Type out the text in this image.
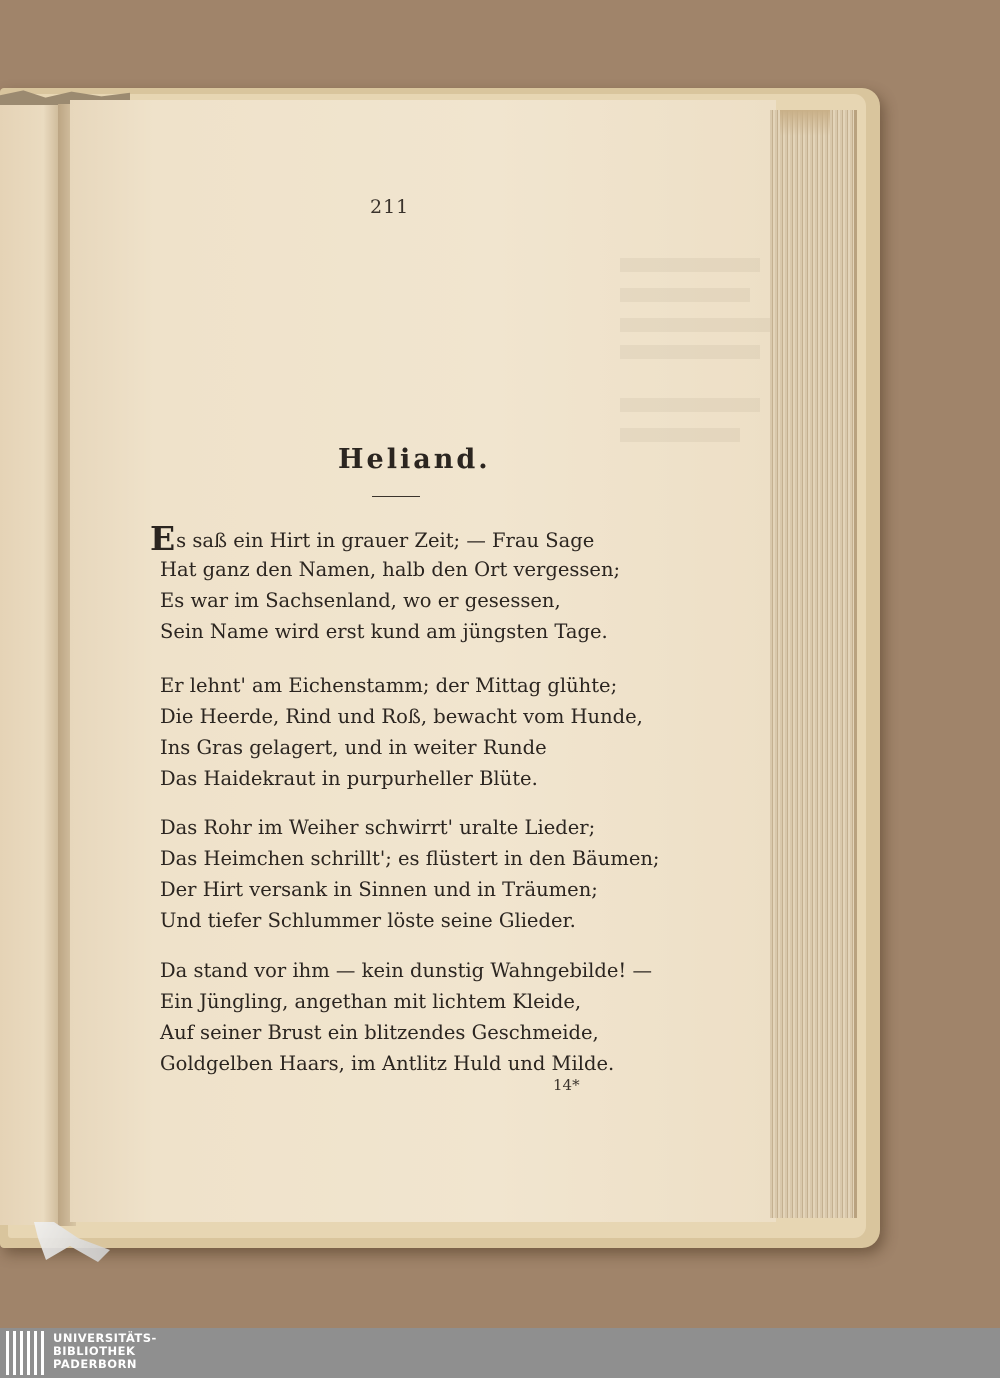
211
Heliand.
Es saß ein Hirt in grauer Zeit; — Frau Sage
Hat ganz den Namen, halb den Ort vergessen;
Es war im Sachsenland, wo er gesessen,
Sein Name wird erst kund am jüngsten Tage.
Er lehnt' am Eichenstamm; der Mittag glühte;
Die Heerde, Rind und Roß, bewacht vom Hunde,
Ins Gras gelagert, und in weiter Runde
Das Haidekraut in purpurheller Blüte.
Das Rohr im Weiher schwirrt' uralte Lieder;
Das Heimchen schrillt'; es flüstert in den Bäumen;
Der Hirt versank in Sinnen und in Träumen;
Und tiefer Schlummer löste seine Glieder.
Da stand vor ihm — kein dunstig Wahngebilde! —
Ein Jüngling, angethan mit lichtem Kleide,
Auf seiner Brust ein blitzendes Geschmeide,
Goldgelben Haars, im Antlitz Huld und Milde.
14*
UNIVERSITÄTS-
BIBLIOTHEK
PADERBORN
